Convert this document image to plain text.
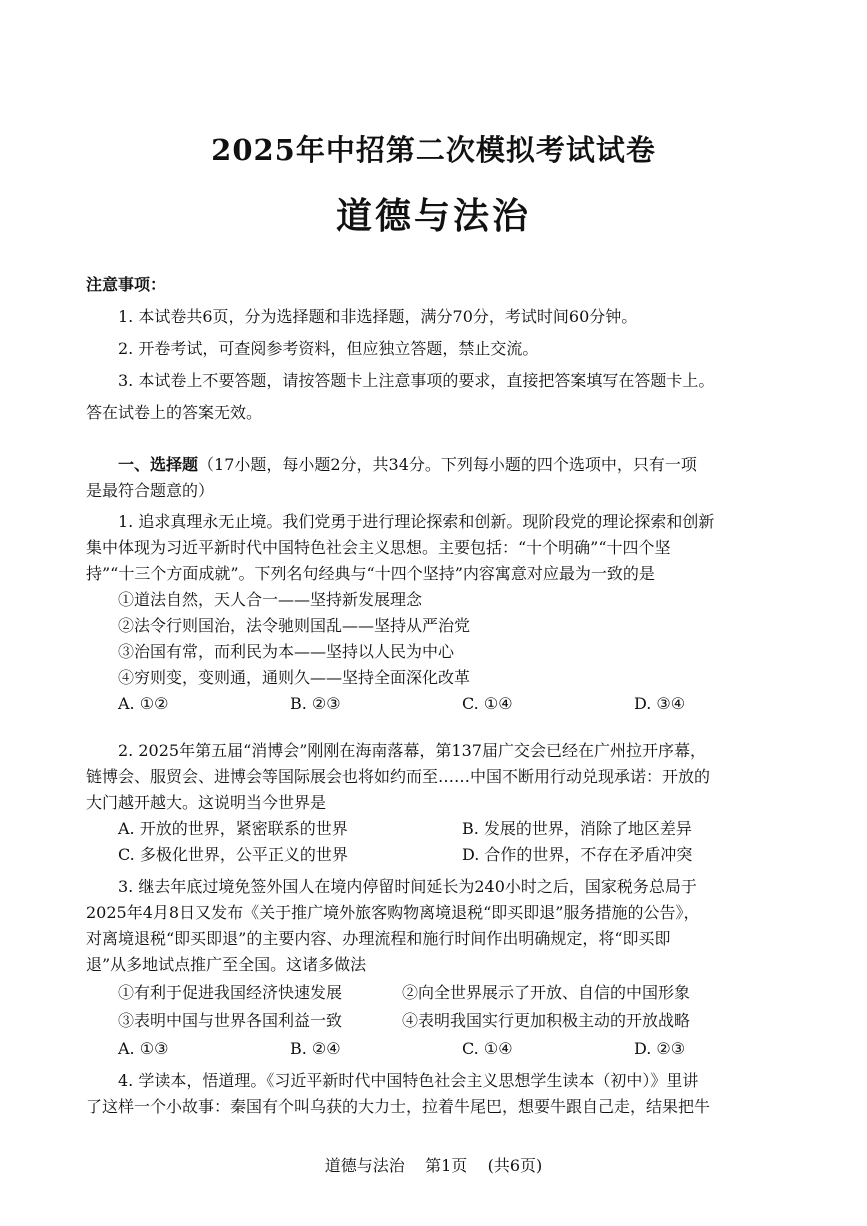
2025年中招第二次模拟考试试卷
道德与法治
注意事项：
1. 本试卷共6页，分为选择题和非选择题，满分70分，考试时间60分钟。
2. 开卷考试，可查阅参考资料，但应独立答题，禁止交流。
3. 本试卷上不要答题，请按答题卡上注意事项的要求，直接把答案填写在答题卡上。
答在试卷上的答案无效。
一、选择题（17小题，每小题2分，共34分。下列每小题的四个选项中，只有一项
是最符合题意的）
1. 追求真理永无止境。我们党勇于进行理论探索和创新。现阶段党的理论探索和创新
集中体现为习近平新时代中国特色社会主义思想。主要包括：“十个明确”“十四个坚
持”“十三个方面成就”。下列名句经典与“十四个坚持”内容寓意对应最为一致的是
①道法自然，天人合一——坚持新发展理念
②法令行则国治，法令驰则国乱——坚持从严治党
③治国有常，而利民为本——坚持以人民为中心
④穷则变，变则通，通则久——坚持全面深化改革
A. ①②	B. ②③	C. ①④	D. ③④
2. 2025年第五届“消博会”刚刚在海南落幕，第137届广交会已经在广州拉开序幕，
链博会、服贸会、进博会等国际展会也将如约而至……中国不断用行动兑现承诺：开放的
大门越开越大。这说明当今世界是
A. 开放的世界，紧密联系的世界	B. 发展的世界，消除了地区差异
C. 多极化世界，公平正义的世界	D. 合作的世界，不存在矛盾冲突
3. 继去年底过境免签外国人在境内停留时间延长为240小时之后，国家税务总局于
2025年4月8日又发布《关于推广境外旅客购物离境退税“即买即退”服务措施的公告》，
对离境退税“即买即退”的主要内容、办理流程和施行时间作出明确规定，将“即买即
退”从多地试点推广至全国。这诸多做法
①有利于促进我国经济快速发展	②向全世界展示了开放、自信的中国形象
③表明中国与世界各国利益一致	④表明我国实行更加积极主动的开放战略
A. ①③	B. ②④	C. ①④	D. ②③
4. 学读本，悟道理。《习近平新时代中国特色社会主义思想学生读本（初中）》里讲
了这样一个小故事：秦国有个叫乌获的大力士，拉着牛尾巴，想要牛跟自己走，结果把牛
道德与法治 第1页 (共6页)
